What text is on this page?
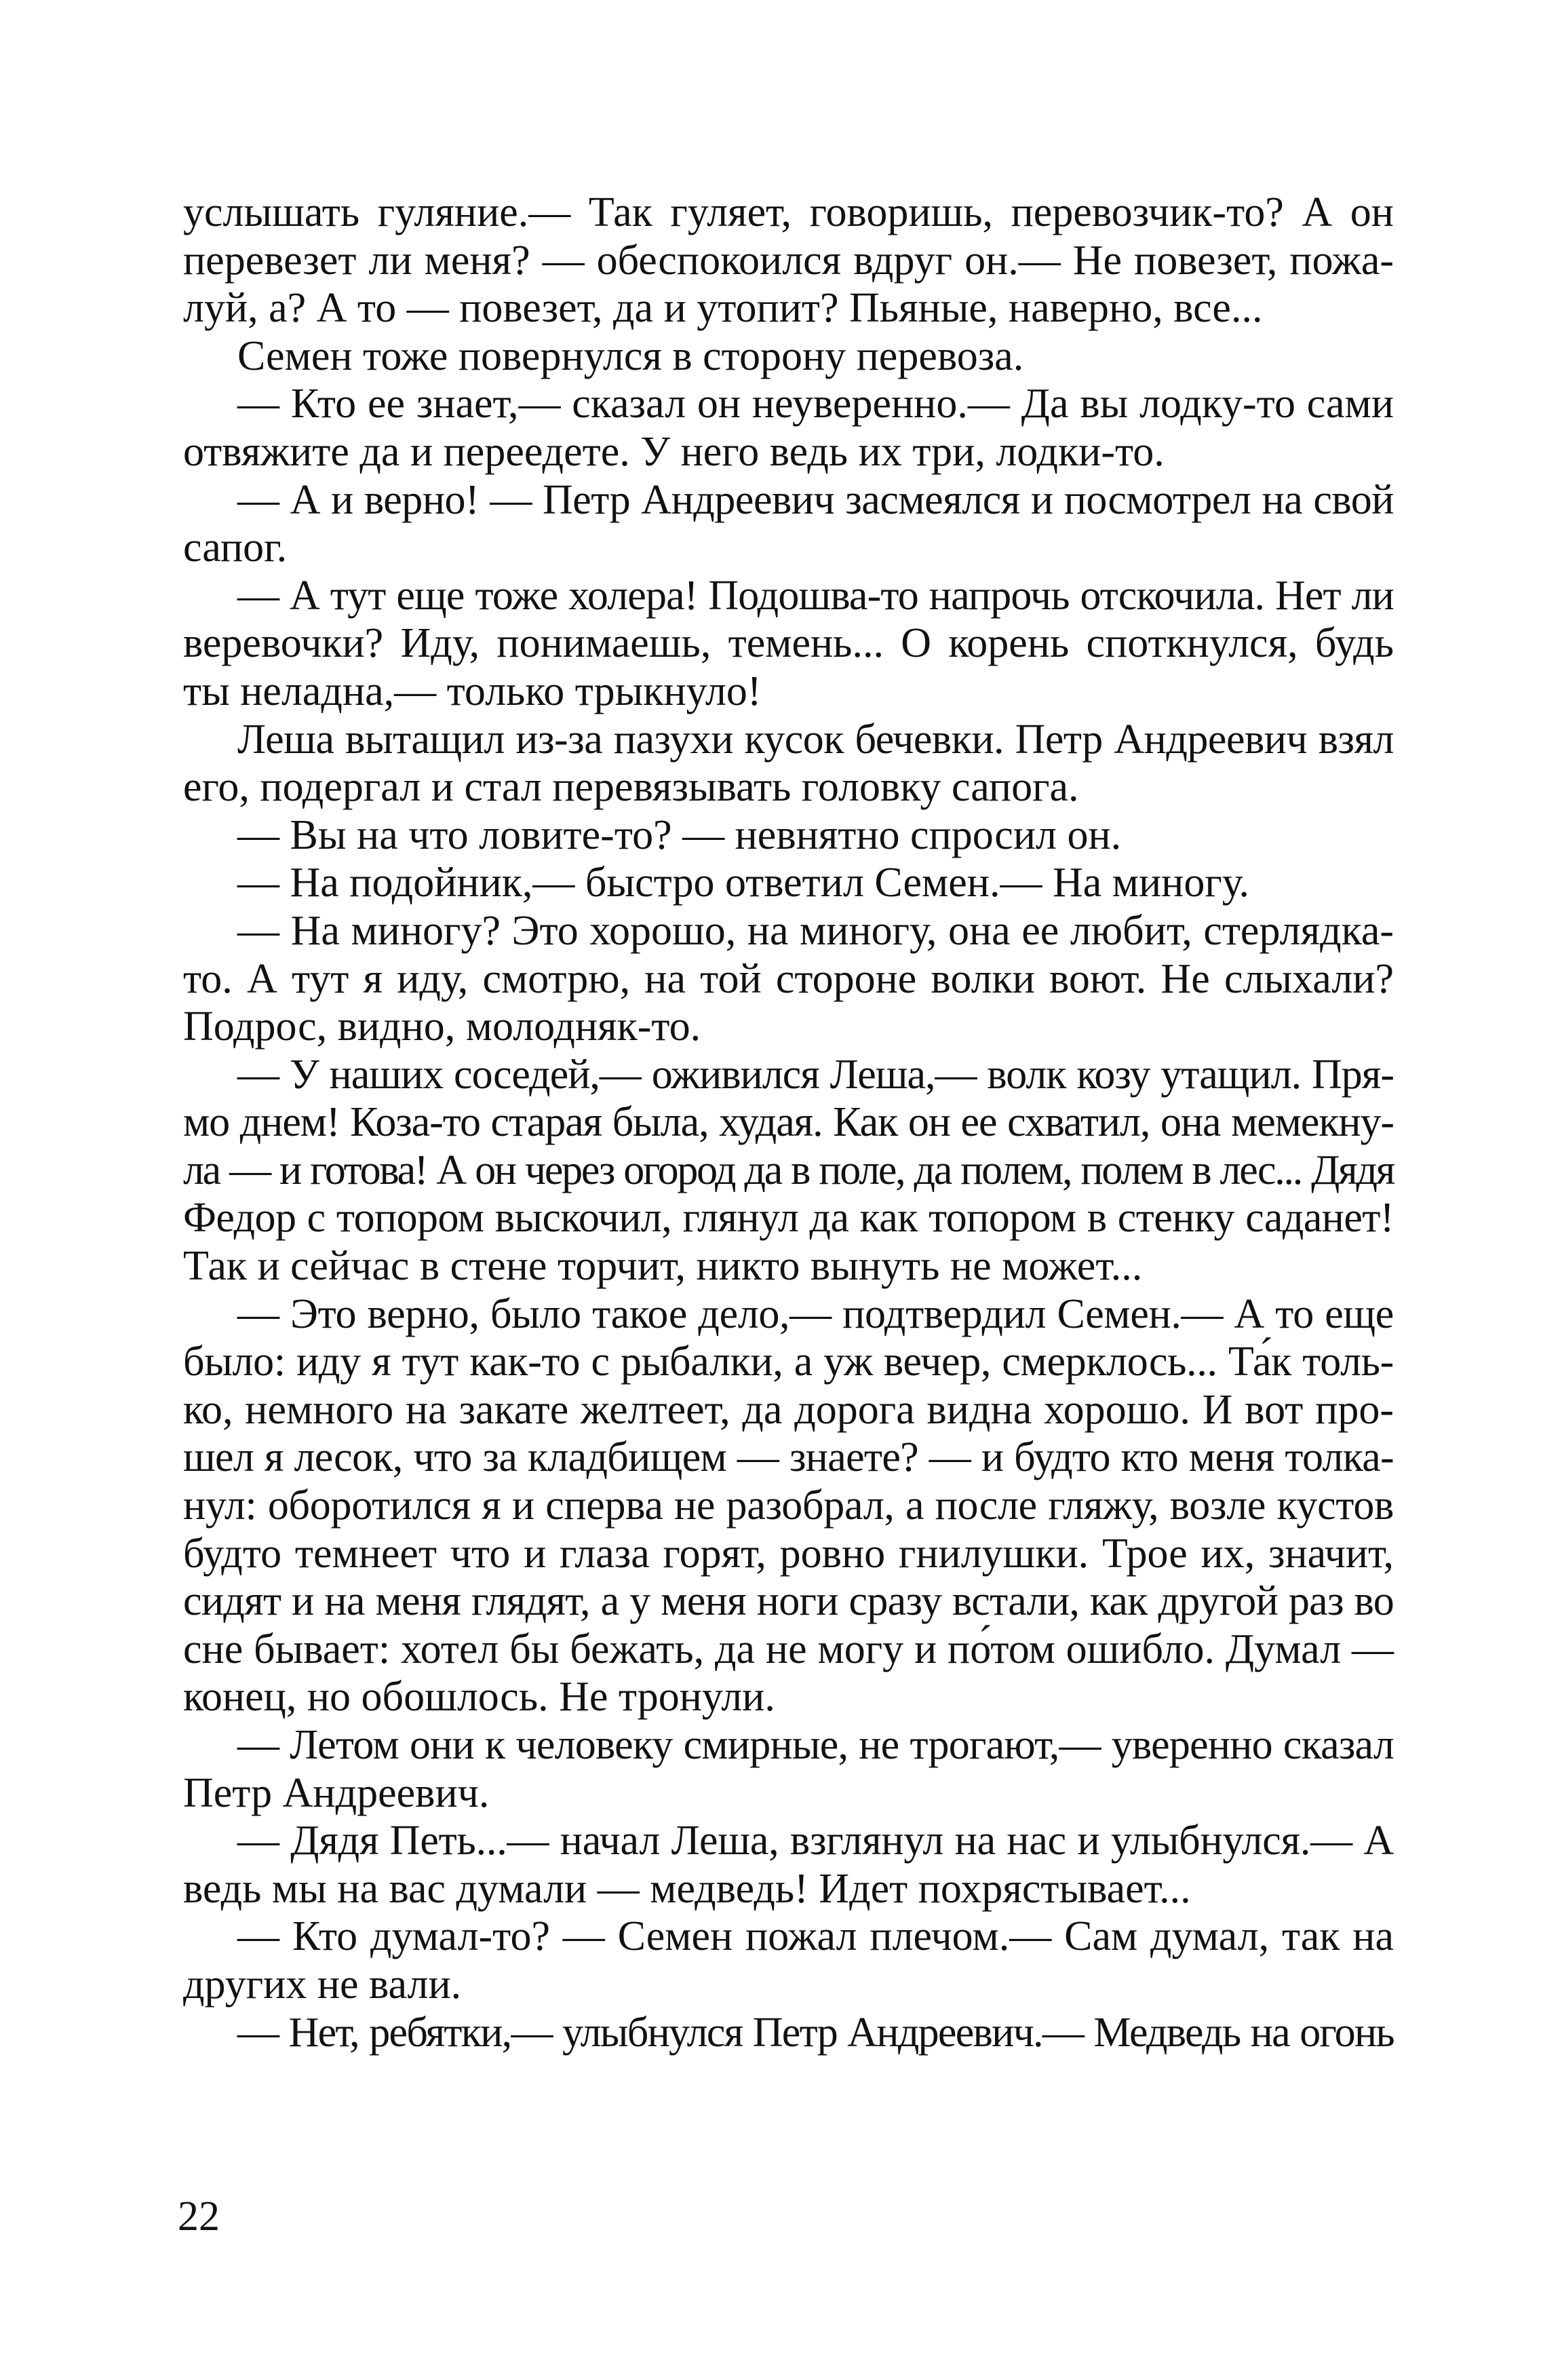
услышать гуляние.— Так гуляет, говоришь, перевозчик-то? А он
перевезет ли меня? — обеспокоился вдруг он.— Не повезет, пожа-
луй, а? А то — повезет, да и утопит? Пьяные, наверно, все...
Семен тоже повернулся в сторону перевоза.
— Кто ее знает,— сказал он неуверенно.— Да вы лодку-то сами
отвяжите да и переедете. У него ведь их три, лодки-то.
— А и верно! — Петр Андреевич засмеялся и посмотрел на свой
сапог.
— А тут еще тоже холера! Подошва-то напрочь отскочила. Нет ли
веревочки? Иду, понимаешь, темень... О корень споткнулся, будь
ты неладна,— только трыкнуло!
Леша вытащил из-за пазухи кусок бечевки. Петр Андреевич взял
его, подергал и стал перевязывать головку сапога.
— Вы на что ловите-то? — невнятно спросил он.
— На подойник,— быстро ответил Семен.— На миногу.
— На миногу? Это хорошо, на миногу, она ее любит, стерлядка-
то. А тут я иду, смотрю, на той стороне волки воют. Не слыхали?
Подрос, видно, молодняк-то.
— У наших соседей,— оживился Леша,— волк козу утащил. Пря-
мо днем! Коза-то старая была, худая. Как он ее схватил, она мемекну-
ла — и готова! А он через огород да в поле, да полем, полем в лес... Дядя
Федор с топором выскочил, глянул да как топором в стенку саданет!
Так и сейчас в стене торчит, никто вынуть не может...
— Это верно, было такое дело,— подтвердил Семен.— А то еще
было: иду я тут как-то с рыбалки, а уж вечер, смерклось... Та́к толь-
ко, немного на закате желтеет, да дорога видна хорошо. И вот про-
шел я лесок, что за кладбищем — знаете? — и будто кто меня толка-
нул: оборотился я и сперва не разобрал, а после гляжу, возле кустов
будто темнеет что и глаза горят, ровно гнилушки. Трое их, значит,
сидят и на меня глядят, а у меня ноги сразу встали, как другой раз во
сне бывает: хотел бы бежать, да не могу и по́том ошибло. Думал —
конец, но обошлось. Не тронули.
— Летом они к человеку смирные, не трогают,— уверенно сказал
Петр Андреевич.
— Дядя Петь...— начал Леша, взглянул на нас и улыбнулся.— А
ведь мы на вас думали — медведь! Идет похрястывает...
— Кто думал-то? — Семен пожал плечом.— Сам думал, так на
других не вали.
— Нет, ребятки,— улыбнулся Петр Андреевич.— Медведь на огонь
22
